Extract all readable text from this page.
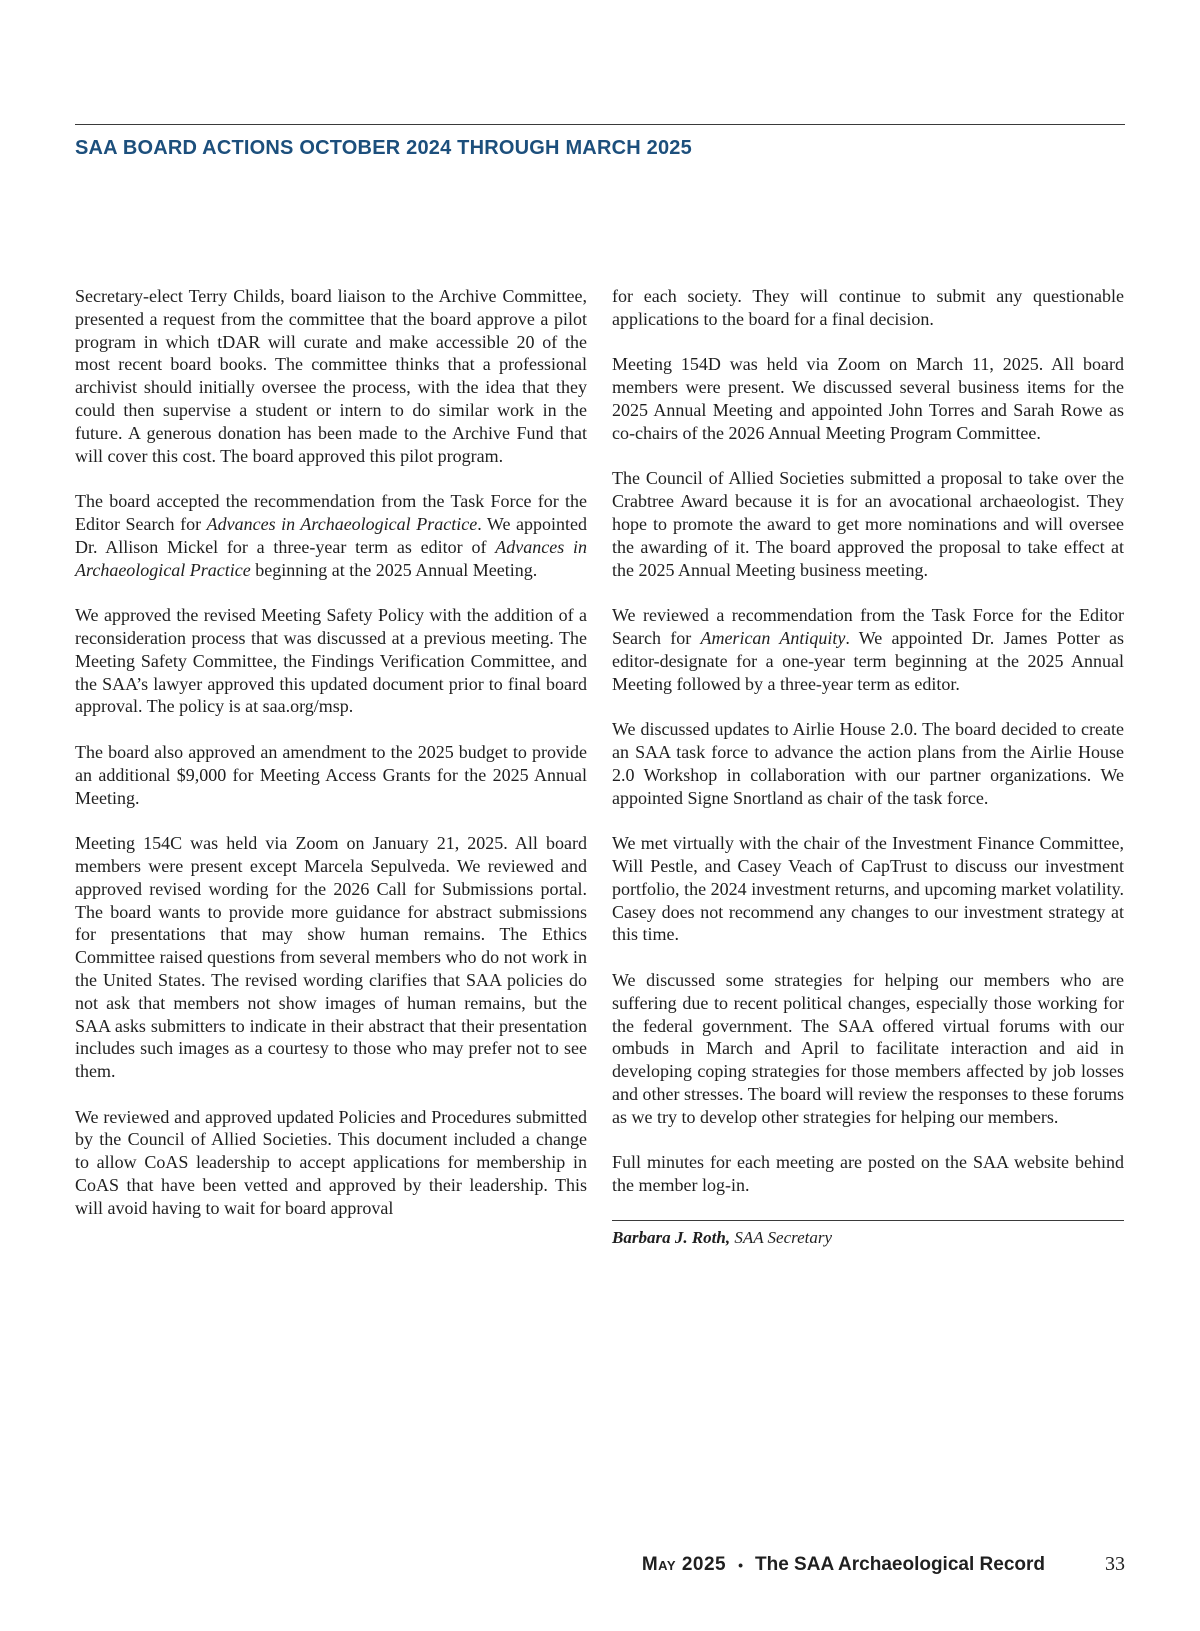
SAA BOARD ACTIONS OCTOBER 2024 THROUGH MARCH 2025

Secretary-elect Terry Childs, board liaison to the Archive Committee, presented a request from the committee that the board approve a pilot program in which tDAR will curate and make accessible 20 of the most recent board books. The committee thinks that a professional archivist should initially oversee the process, with the idea that they could then supervise a student or intern to do similar work in the future. A generous donation has been made to the Archive Fund that will cover this cost. The board approved this pilot program.

The board accepted the recommendation from the Task Force for the Editor Search for Advances in Archaeological Practice. We appointed Dr. Allison Mickel for a three-year term as editor of Advances in Archaeological Practice beginning at the 2025 Annual Meeting.

We approved the revised Meeting Safety Policy with the addition of a reconsideration process that was discussed at a previous meeting. The Meeting Safety Committee, the Findings Verification Committee, and the SAA’s lawyer approved this updated document prior to final board approval. The policy is at saa.org/msp.

The board also approved an amendment to the 2025 budget to provide an additional $9,000 for Meeting Access Grants for the 2025 Annual Meeting.

Meeting 154C was held via Zoom on January 21, 2025. All board members were present except Marcela Sepulveda. We reviewed and approved revised wording for the 2026 Call for Submissions portal. The board wants to provide more guidance for abstract submissions for presentations that may show human remains. The Ethics Committee raised questions from several members who do not work in the United States. The revised wording clarifies that SAA policies do not ask that members not show images of human remains, but the SAA asks submitters to indicate in their abstract that their presentation includes such images as a courtesy to those who may prefer not to see them.

We reviewed and approved updated Policies and Procedures submitted by the Council of Allied Societies. This document included a change to allow CoAS leadership to accept applications for membership in CoAS that have been vetted and approved by their leadership. This will avoid having to wait for board approval

for each society. They will continue to submit any questionable applications to the board for a final decision.

Meeting 154D was held via Zoom on March 11, 2025. All board members were present. We discussed several business items for the 2025 Annual Meeting and appointed John Torres and Sarah Rowe as co-chairs of the 2026 Annual Meeting Program Committee.

The Council of Allied Societies submitted a proposal to take over the Crabtree Award because it is for an avocational archaeologist. They hope to promote the award to get more nominations and will oversee the awarding of it. The board approved the proposal to take effect at the 2025 Annual Meeting business meeting.

We reviewed a recommendation from the Task Force for the Editor Search for American Antiquity. We appointed Dr. James Potter as editor-designate for a one-year term beginning at the 2025 Annual Meeting followed by a three-year term as editor.

We discussed updates to Airlie House 2.0. The board decided to create an SAA task force to advance the action plans from the Airlie House 2.0 Workshop in collaboration with our partner organizations. We appointed Signe Snortland as chair of the task force.

We met virtually with the chair of the Investment Finance Committee, Will Pestle, and Casey Veach of CapTrust to discuss our investment portfolio, the 2024 investment returns, and upcoming market volatility. Casey does not recommend any changes to our investment strategy at this time.

We discussed some strategies for helping our members who are suffering due to recent political changes, especially those working for the federal government. The SAA offered virtual forums with our ombuds in March and April to facilitate interaction and aid in developing coping strategies for those members affected by job losses and other stresses. The board will review the responses to these forums as we try to develop other strategies for helping our members.

Full minutes for each meeting are posted on the SAA website behind the member log-in.

Barbara J. Roth, SAA Secretary
May 2025 • The SAA Archaeological Record	33
